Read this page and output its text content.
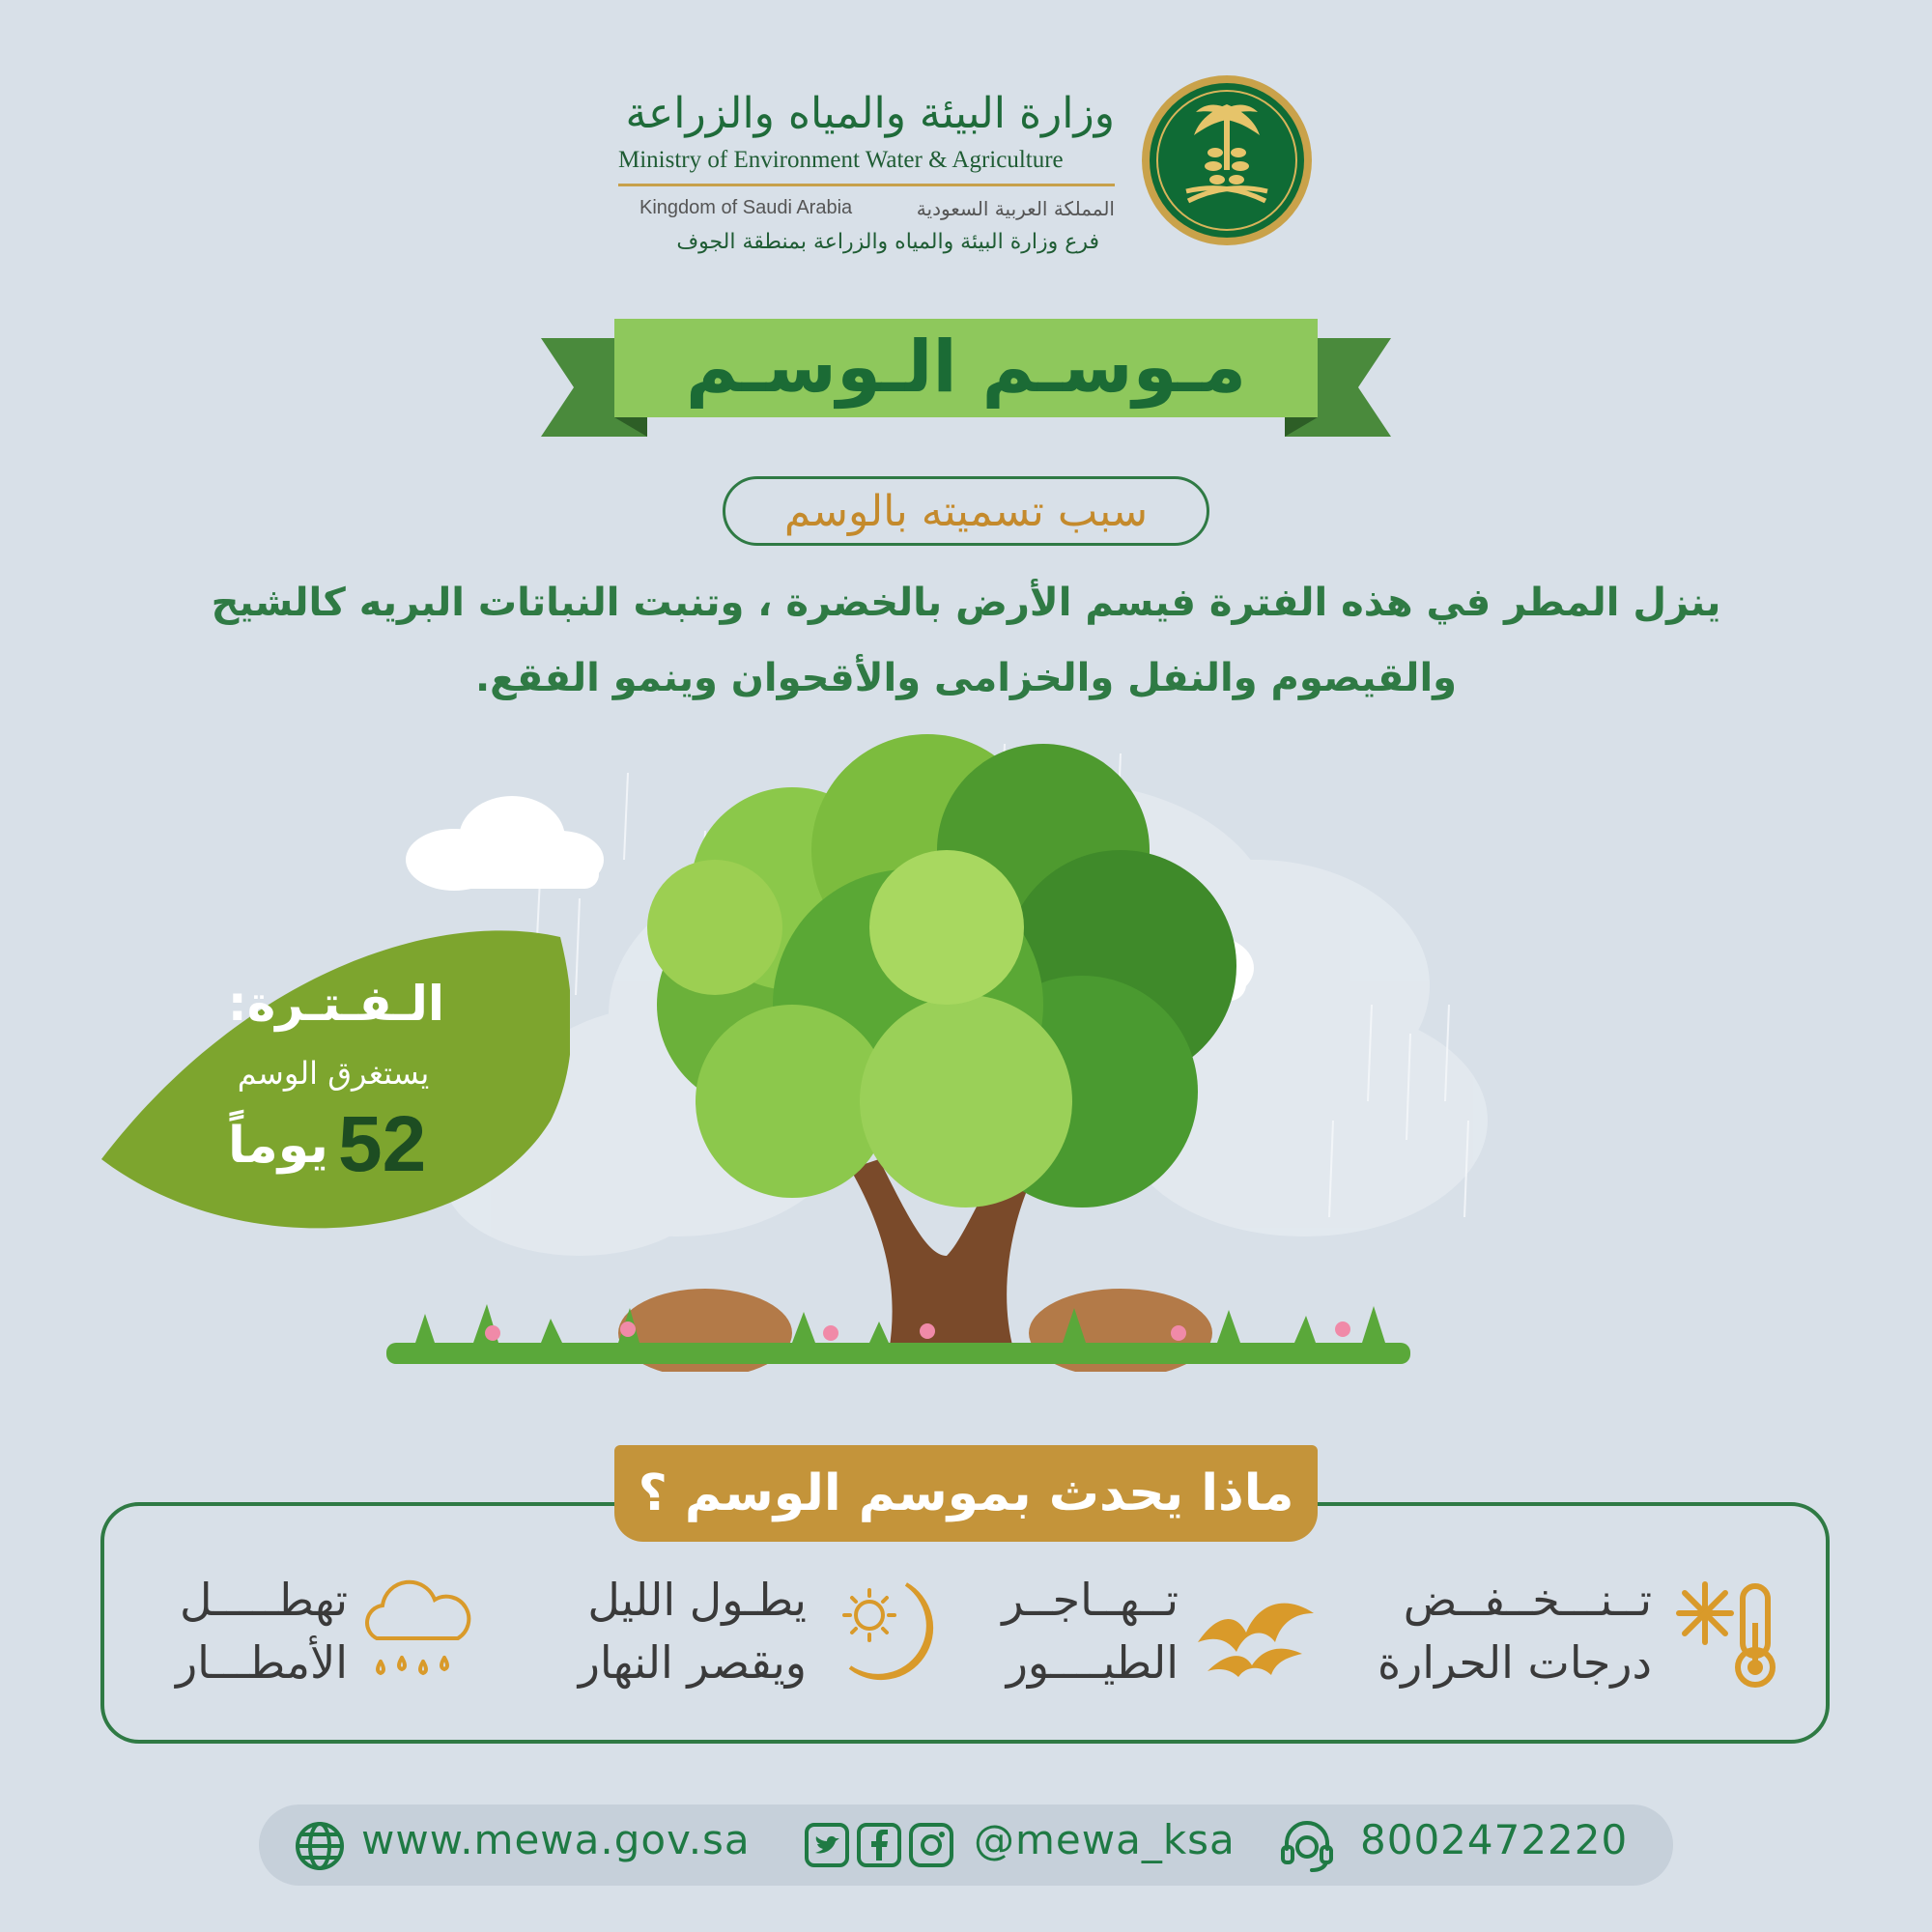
وزارة البيئة والمياه والزراعة
Ministry of Environment Water & Agriculture
المملكة العربية السعودية
Kingdom of Saudi Arabia
فرع وزارة البيئة والمياه والزراعة بمنطقة الجوف
مـوسـم الـوسـم
سبب تسميته بالوسم
ينزل المطر في هذه الفترة فيسم الأرض بالخضرة ، وتنبت النباتات البريه كالشيح والقيصوم والنفل والخزامى والأقحوان وينمو الفقع.
الـفـتـرة:
يستغرق الوسم
52
يوماً
ماذا يحدث بموسم الوسم ؟
تــنـــخــفــض
درجات الحرارة
تــهــاجــر
الطيــــور
يطـول الليل
ويقصر النهار
تهطـــــل
الأمطـــار
www.mewa.gov.sa	@mewa_ksa	8002472220
